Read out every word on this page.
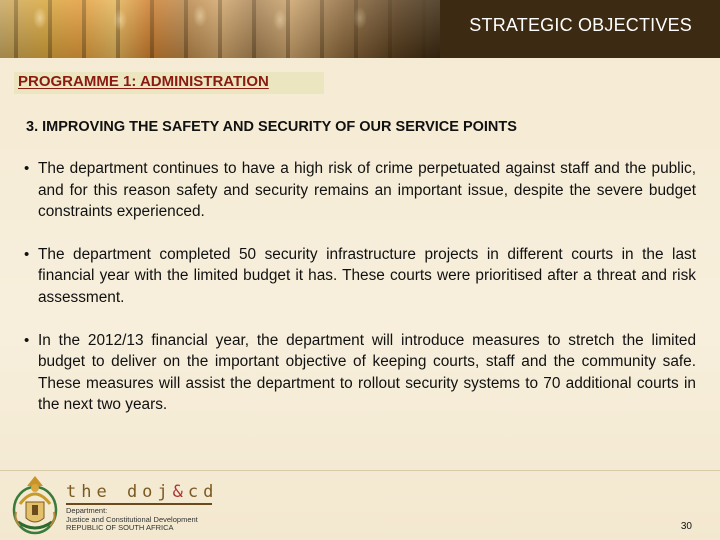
STRATEGIC OBJECTIVES
PROGRAMME 1: ADMINISTRATION
3. IMPROVING THE SAFETY AND SECURITY OF OUR SERVICE POINTS
• The department continues to have a high risk of crime perpetuated against staff and the public, and for this reason safety and security remains an important issue, despite the severe budget constraints experienced.
• The department completed 50 security infrastructure projects in different courts in the last financial year with the limited budget it has. These courts were prioritised after a threat and risk assessment.
• In the 2012/13 financial year, the department will introduce measures to stretch the limited budget to deliver on the important objective of keeping courts, staff and the community safe. These measures will assist the department to rollout security systems to 70 additional courts in the next two years.
the doj&cd
Department:
Justice and Constitutional Development
REPUBLIC OF SOUTH AFRICA	30
